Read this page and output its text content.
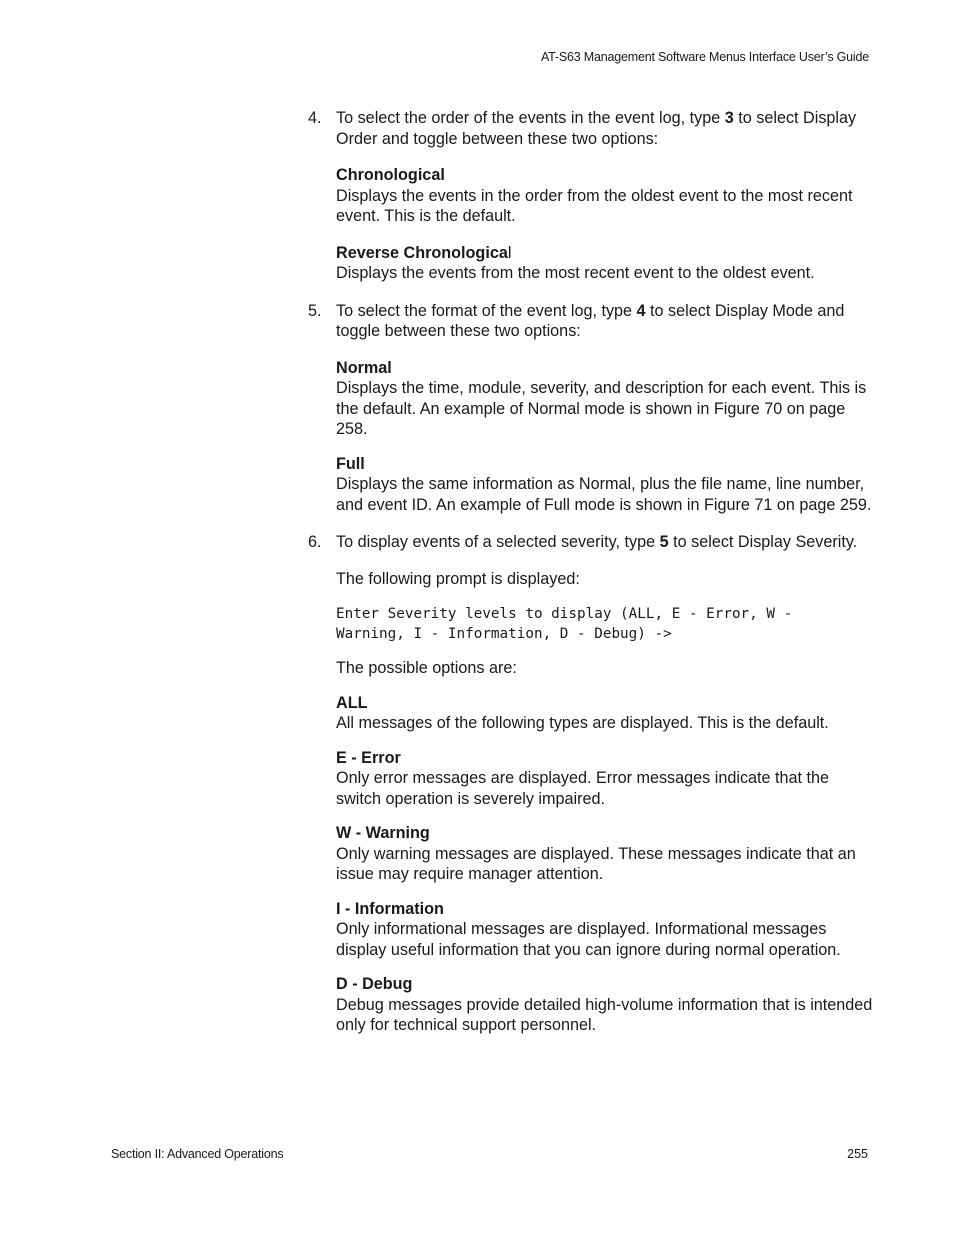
AT-S63 Management Software Menus Interface User’s Guide
4. To select the order of the events in the event log, type 3 to select Display Order and toggle between these two options:

Chronological

Displays the events in the order from the oldest event to the most recent event. This is the default.

Reverse Chronological

Displays the events from the most recent event to the oldest event.

5. To select the format of the event log, type 4 to select Display Mode and toggle between these two options:

Normal

Displays the time, module, severity, and description for each event. This is the default. An example of Normal mode is shown in Figure 70 on page 258.

Full

Displays the same information as Normal, plus the file name, line number, and event ID. An example of Full mode is shown in Figure 71 on page 259.

6. To display events of a selected severity, type 5 to select Display Severity.

The following prompt is displayed:

Enter Severity levels to display (ALL, E - Error, W -
Warning, I - Information, D - Debug) ->

The possible options are:

ALL

All messages of the following types are displayed. This is the default.

E - Error

Only error messages are displayed. Error messages indicate that the switch operation is severely impaired.

W - Warning

Only warning messages are displayed. These messages indicate that an issue may require manager attention.

I - Information

Only informational messages are displayed. Informational messages display useful information that you can ignore during normal operation.

D - Debug

Debug messages provide detailed high-volume information that is intended only for technical support personnel.

Section II: Advanced Operations	255
